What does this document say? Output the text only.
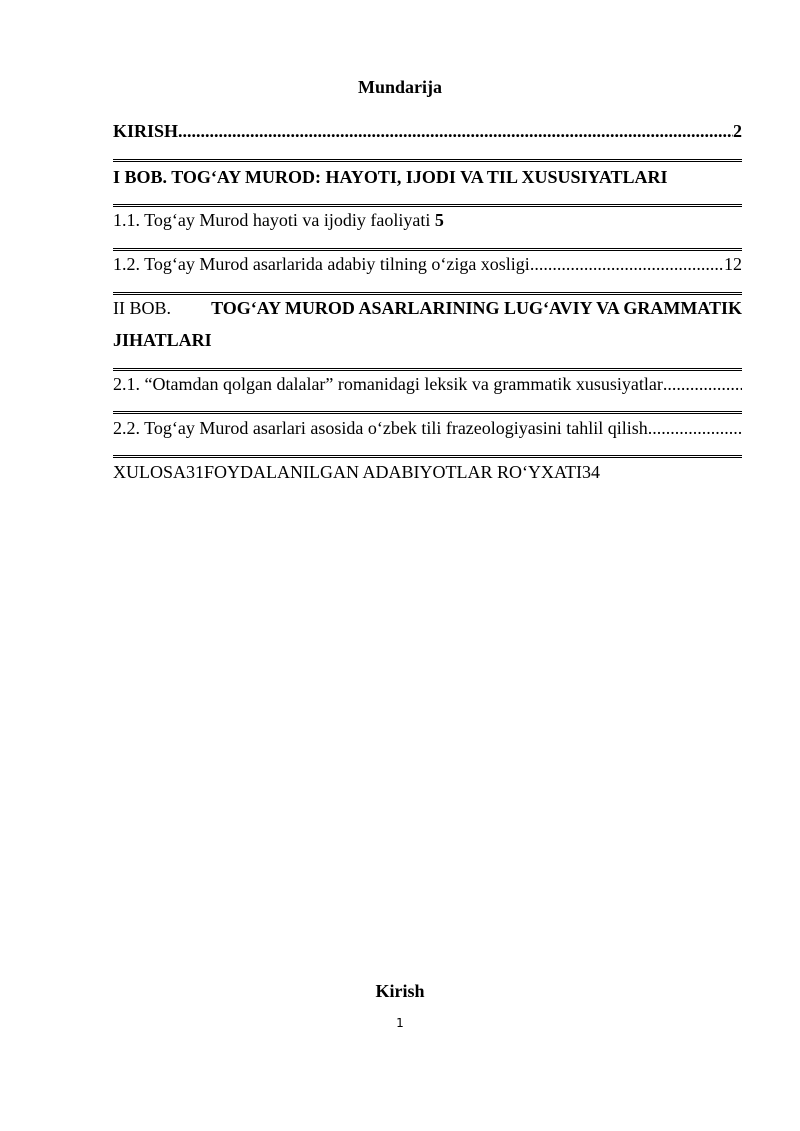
Mundarija
KIRISH .....	2
I BOB. TOG‘AY MUROD: HAYOTI, IJODI VA TIL XUSUSIYATLARI
1.1. Tog‘ay Murod hayoti va ijodiy faoliyati 5
1.2. Tog‘ay Murod asarlarida adabiy tilning o‘ziga xosligi .....	12
II BOB. TOG‘AY MUROD ASARLARINING LUG‘AVIY VA GRAMMATIK
JIHATLARI
2.1. “Otamdan qolgan dalalar” romanidagi leksik va grammatik xususiyatlar
.....
2.2. Tog‘ay Murod asarlari asosida o‘zbek tili frazeologiyasini tahlil qilish
.....
XULOSA31FOYDALANILGAN ADABIYOTLAR RO‘YXATI34
Kirish
1
